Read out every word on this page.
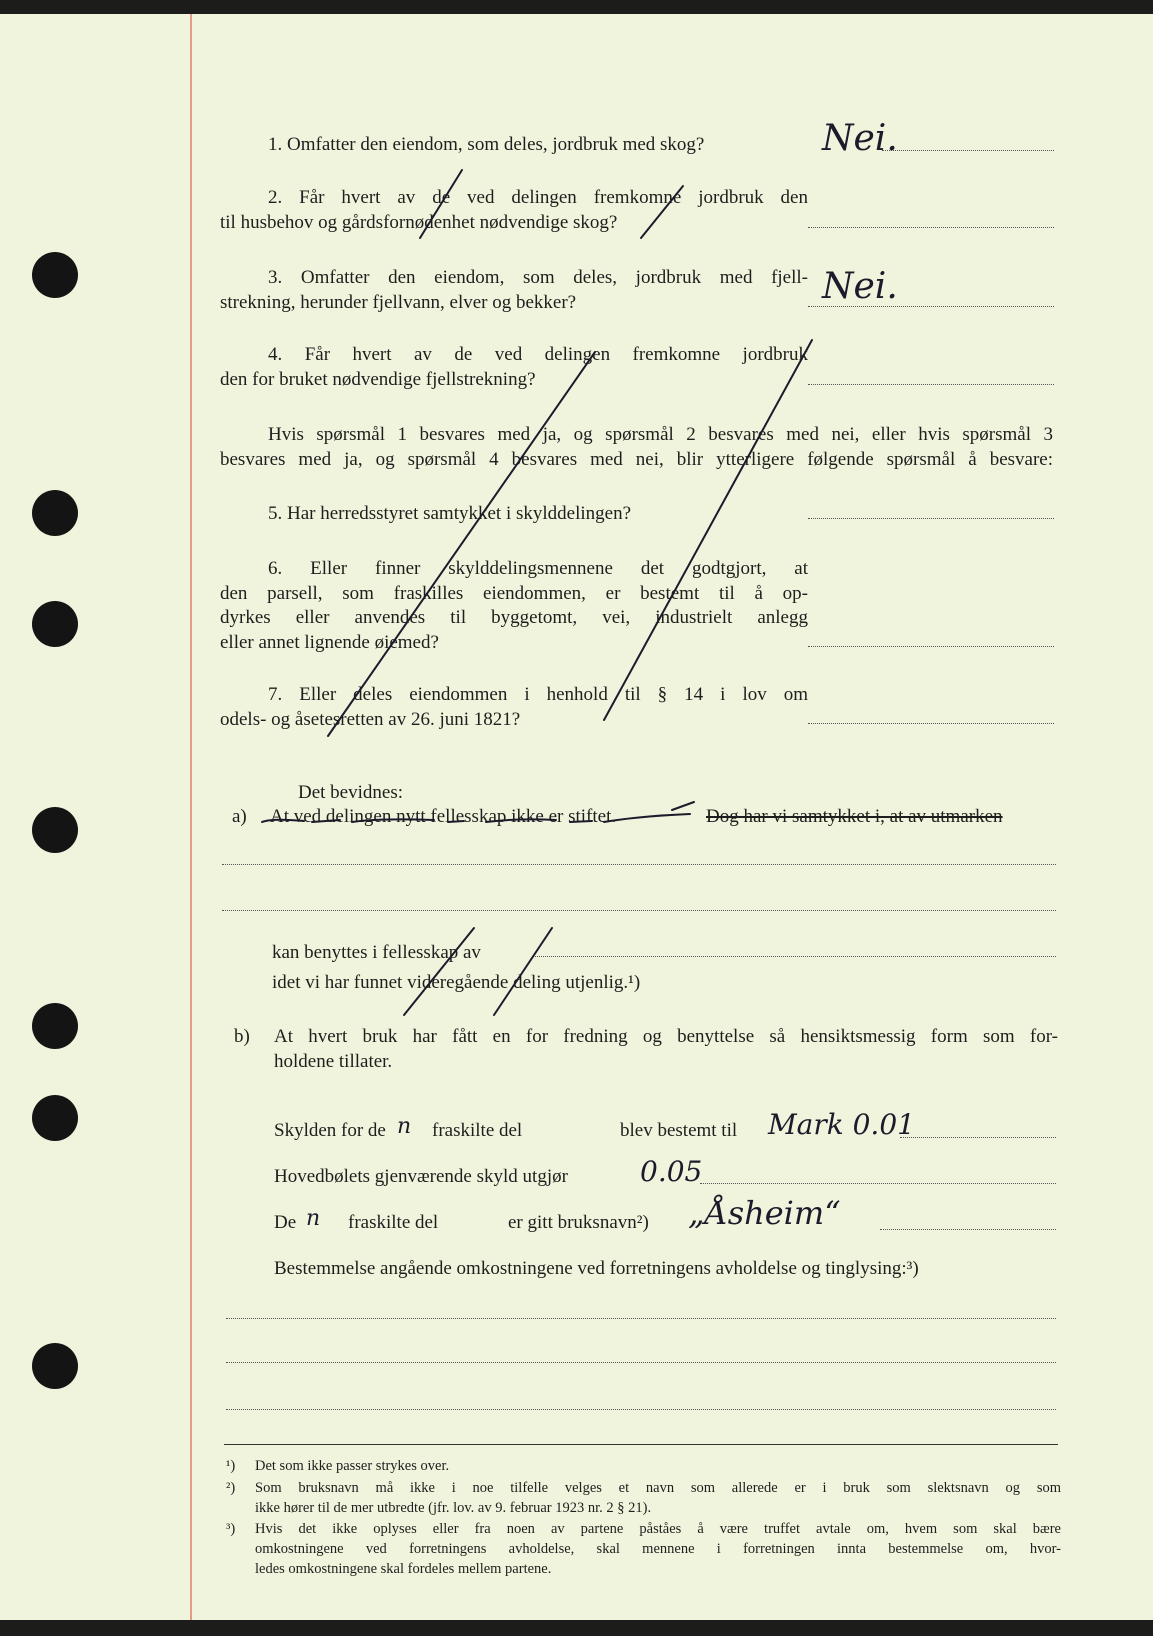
1. Omfatter den eiendom, som deles, jordbruk med skog?	Nei.
2. Får hvert av de ved delingen fremkomne jordbruk den
til husbehov og gårdsfornødenhet nødvendige skog?
3. Omfatter den eiendom, som deles, jordbruk med fjell-
strekning, herunder fjellvann, elver og bekker?	Nei.
4. Får hvert av de ved delingen fremkomne jordbruk
den for bruket nødvendige fjellstrekning?
Hvis spørsmål 1 besvares med ja, og spørsmål 2 besvares med nei, eller hvis spørsmål 3
besvares med ja, og spørsmål 4 besvares med nei, blir ytterligere følgende spørsmål å besvare:
5. Har herredsstyret samtykket i skylddelingen?
6. Eller finner skylddelingsmennene det godtgjort, at
den parsell, som fraskilles eiendommen, er bestemt til å op-
dyrkes eller anvendes til byggetomt, vei, industrielt anlegg
eller annet lignende øiemed?
7. Eller deles eiendommen i henhold til § 14 i lov om
odels- og åsetesretten av 26. juni 1821?
Det bevidnes:
a) At ved delingen nytt fellesskap ikke er stiftet.	Dog har vi samtykket i, at av utmarken
kan benyttes i fellesskap av
idet vi har funnet videregående deling utjenlig.¹)
b) At hvert bruk har fått en for fredning og benyttelse så hensiktsmessig form som for-
holdene tillater.
Skylden for de n fraskilte del	blev bestemt til Mark 0.01
Hovedbølets gjenværende skyld utgjør	0.05
De n fraskilte del	er gitt bruksnavn²) „Åsheim“
Bestemmelse angående omkostningene ved forretningens avholdelse og tinglysing:³)
¹) Det som ikke passer strykes over.
²) Som bruksnavn må ikke i noe tilfelle velges et navn som allerede er i bruk som slektsnavn og som
ikke hører til de mer utbredte (jfr. lov. av 9. februar 1923 nr. 2 § 21).
³) Hvis det ikke oplyses eller fra noen av partene påståes å være truffet avtale om, hvem som skal bære
omkostningene ved forretningens avholdelse, skal mennene i forretningen innta bestemmelse om, hvor-
ledes omkostningene skal fordeles mellem partene.
